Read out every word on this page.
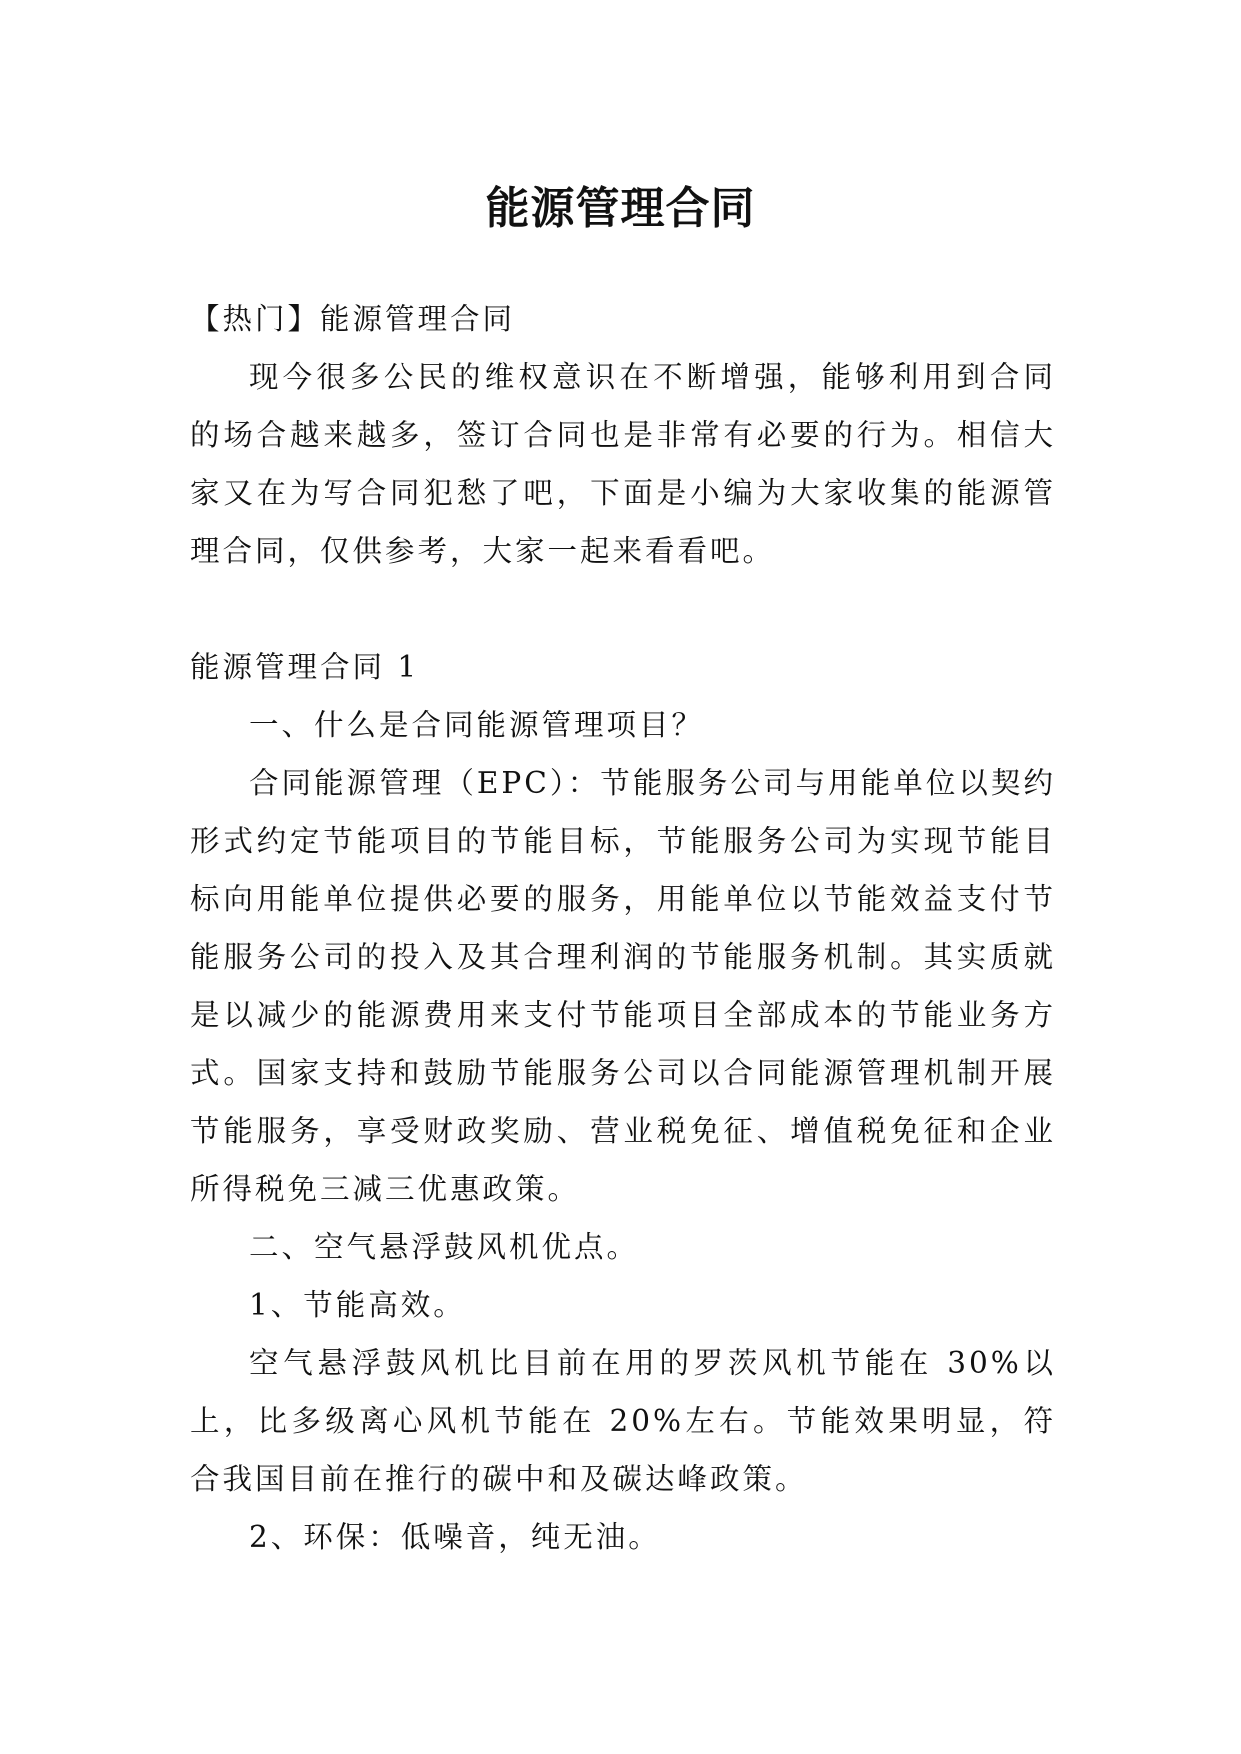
能源管理合同

【热门】能源管理合同

现今很多公民的维权意识在不断增强，能够利用到合同的场合越来越多，签订合同也是非常有必要的行为。相信大家又在为写合同犯愁了吧，下面是小编为大家收集的能源管理合同，仅供参考，大家一起来看看吧。

能源管理合同 1

一、什么是合同能源管理项目？

合同能源管理（EPC）：节能服务公司与用能单位以契约形式约定节能项目的节能目标，节能服务公司为实现节能目标向用能单位提供必要的服务，用能单位以节能效益支付节能服务公司的投入及其合理利润的节能服务机制。其实质就是以减少的能源费用来支付节能项目全部成本的节能业务方式。国家支持和鼓励节能服务公司以合同能源管理机制开展节能服务，享受财政奖励、营业税免征、增值税免征和企业所得税免三减三优惠政策。

二、空气悬浮鼓风机优点。

1、节能高效。

空气悬浮鼓风机比目前在用的罗茨风机节能在 30%以上，比多级离心风机节能在 20%左右。节能效果明显，符合我国目前在推行的碳中和及碳达峰政策。

2、环保：低噪音，纯无油。
